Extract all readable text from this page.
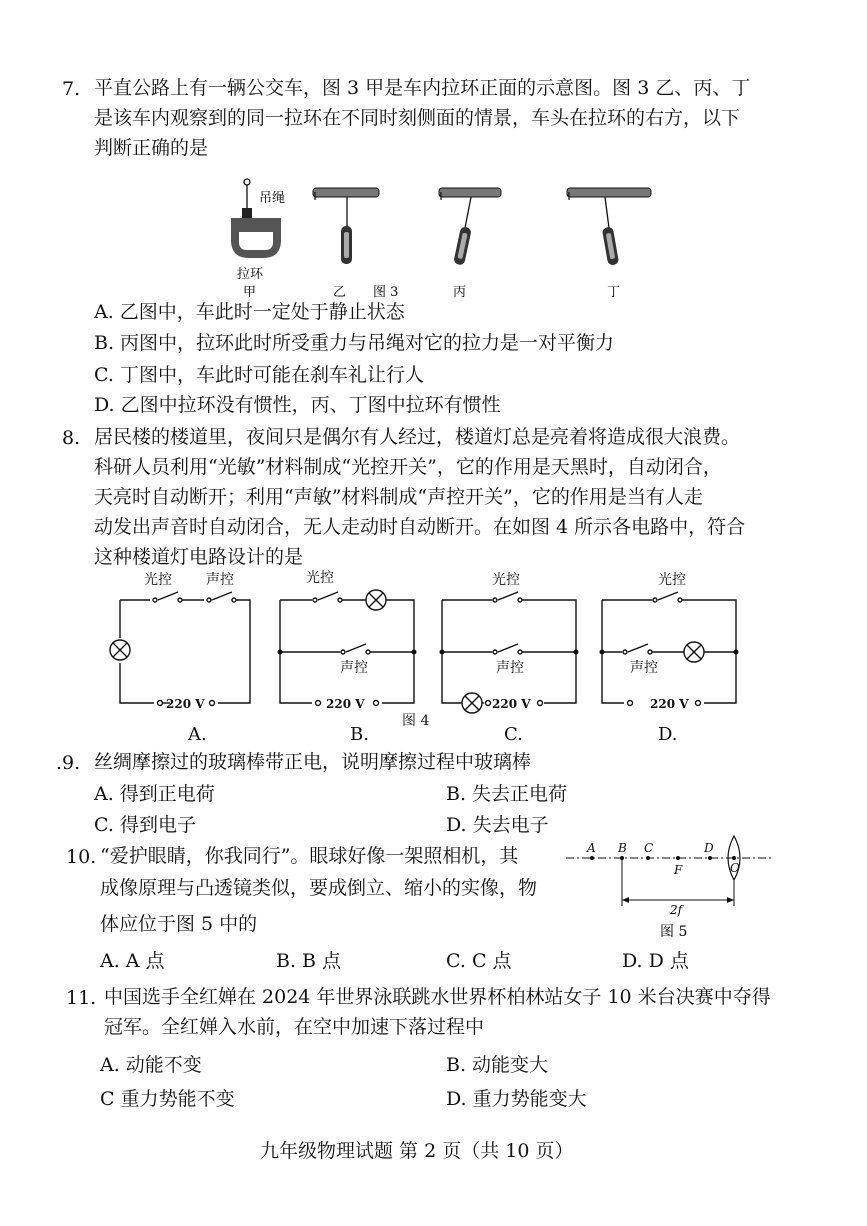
7. 平直公路上有一辆公交车，图 3 甲是车内拉环正面的示意图。图 3 乙、丙、丁
是该车内观察到的同一拉环在不同时刻侧面的情景，车头在拉环的右方，以下
判断正确的是
吊绳
拉环
甲	乙 图 3	丙	丁
A. 乙图中，车此时一定处于静止状态
B. 丙图中，拉环此时所受重力与吊绳对它的拉力是一对平衡力
C. 丁图中，车此时可能在刹车礼让行人
D. 乙图中拉环没有惯性，丙、丁图中拉环有惯性
8. 居民楼的楼道里，夜间只是偶尔有人经过，楼道灯总是亮着将造成很大浪费。
科研人员利用“光敏”材料制成“光控开关”，它的作用是天黑时，自动闭合，
天亮时自动断开；利用“声敏”材料制成“声控开关”，它的作用是当有人走
动发出声音时自动闭合，无人走动时自动断开。在如图 4 所示各电路中，符合
这种楼道灯电路设计的是
光控 声控
220 V
光控
声控
220 V
光控
声控
220 V
光控
声控
220 V
图 4
A.	B.	C.	D.
.9. 丝绸摩擦过的玻璃棒带正电，说明摩擦过程中玻璃棒
A. 得到正电荷	B. 失去正电荷
C. 得到电子	D. 失去电子
10. “爱护眼睛，你我同行”。眼球好像一架照相机，其
成像原理与凸透镜类似，要成倒立、缩小的实像，物
体应位于图 5 中的
A B C	D
F	O
2f
图 5
A. A 点	B. B 点	C. C 点	D. D 点
11. 中国选手全红婵在 2024 年世界泳联跳水世界杯柏林站女子 10 米台决赛中夺得
冠军。全红婵入水前，在空中加速下落过程中
A. 动能不变	B. 动能变大
C 重力势能不变	D. 重力势能变大
九年级物理试题 第 2 页（共 10 页）
